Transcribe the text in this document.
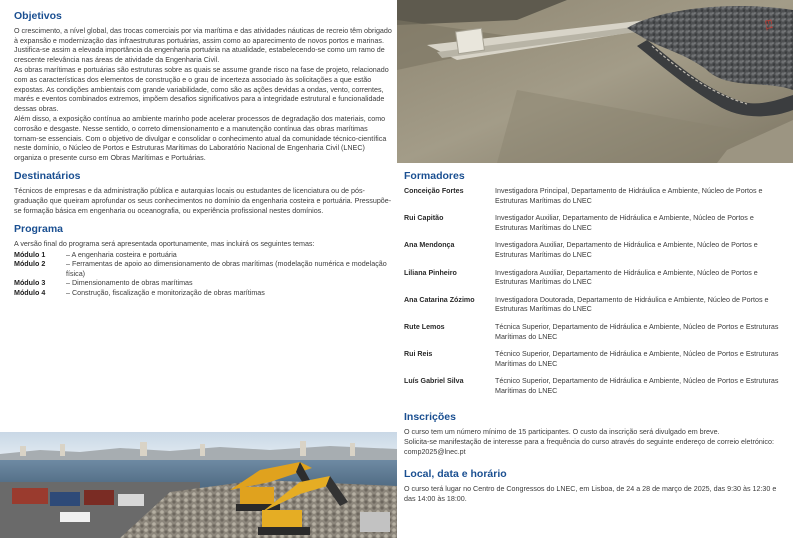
E1
Objetivos

O crescimento, a nível global, das trocas comerciais por via marítima e das atividades náuticas de recreio têm obrigado à expansão e modernização das infraestruturas portuárias, assim como ao aparecimento de novos portos e marinas. Justifica-se assim a elevada importância da engenharia portuária na atualidade, estabelecendo-se como um ramo de crescente relevância nas áreas de atividade da Engenharia Civil.

As obras marítimas e portuárias são estruturas sobre as quais se assume grande risco na fase de projeto, relacionado com as características dos elementos de construção e o grau de incerteza associado às solicitações a que estão expostas. As condições ambientais com grande variabilidade, como são as ações devidas a ondas, vento, correntes, marés e eventos combinados extremos, impõem desafios significativos para a integridade estrutural e funcionalidade dessas obras.

Além disso, a exposição contínua ao ambiente marinho pode acelerar processos de degradação dos materiais, como corrosão e desgaste. Nesse sentido, o correto dimensionamento e a manutenção contínua das obras marítimas tornam-se essenciais. Com o objetivo de divulgar e consolidar o conhecimento atual da comunidade técnico-científica neste domínio, o Núcleo de Portos e Estruturas Marítimas do Laboratório Nacional de Engenharia Civil (LNEC) organiza o presente curso em Obras Marítimas e Portuárias.

Destinatários

Técnicos de empresas e da administração pública e autarquias locais ou estudantes de licenciatura ou de pós-graduação que queiram aprofundar os seus conhecimentos no domínio da engenharia costeira e portuária. Pressupõe-se formação básica em engenharia ou oceanografia, ou experiência profissional nestes domínios.

Programa

A versão final do programa será apresentada oportunamente, mas incluirá os seguintes temas:

Módulo 1	– A engenharia costeira e portuária
Módulo 2	– Ferramentas de apoio ao dimensionamento de obras marítimas (modelação numérica e modelação física)
Módulo 3	– Dimensionamento de obras marítimas
Módulo 4	– Construção, fiscalização e monitorização de obras marítimas
Formadores
Conceição Fortes	Investigadora Principal, Departamento de Hidráulica e Ambiente, Núcleo de Portos e Estruturas Marítimas do LNEC
Rui Capitão	Investigador Auxiliar, Departamento de Hidráulica e Ambiente, Núcleo de Portos e Estruturas Marítimas do LNEC
Ana Mendonça	Investigadora Auxiliar, Departamento de Hidráulica e Ambiente, Núcleo de Portos e Estruturas Marítimas do LNEC
Liliana Pinheiro	Investigadora Auxiliar, Departamento de Hidráulica e Ambiente, Núcleo de Portos e Estruturas Marítimas do LNEC
Ana Catarina Zózimo	Investigadora Doutorada, Departamento de Hidráulica e Ambiente, Núcleo de Portos e Estruturas Marítimas do LNEC
Rute Lemos	Técnica Superior, Departamento de Hidráulica e Ambiente, Núcleo de Portos e Estruturas Marítimas do LNEC
Rui Reis	Técnico Superior, Departamento de Hidráulica e Ambiente, Núcleo de Portos e Estruturas Marítimas do LNEC
Luís Gabriel Silva	Técnico Superior, Departamento de Hidráulica e Ambiente, Núcleo de Portos e Estruturas Marítimas do LNEC
Inscrições

O curso tem um número mínimo de 15 participantes. O custo da inscrição será divulgado em breve.

Solicita-se manifestação de interesse para a frequência do curso através do seguinte endereço de correio eletrónico: comp2025@lnec.pt

Local, data e horário

O curso terá lugar no Centro de Congressos do LNEC, em Lisboa, de 24 a 28 de março de 2025, das 9:30 às 12:30 e das 14:00 às 18:00.
